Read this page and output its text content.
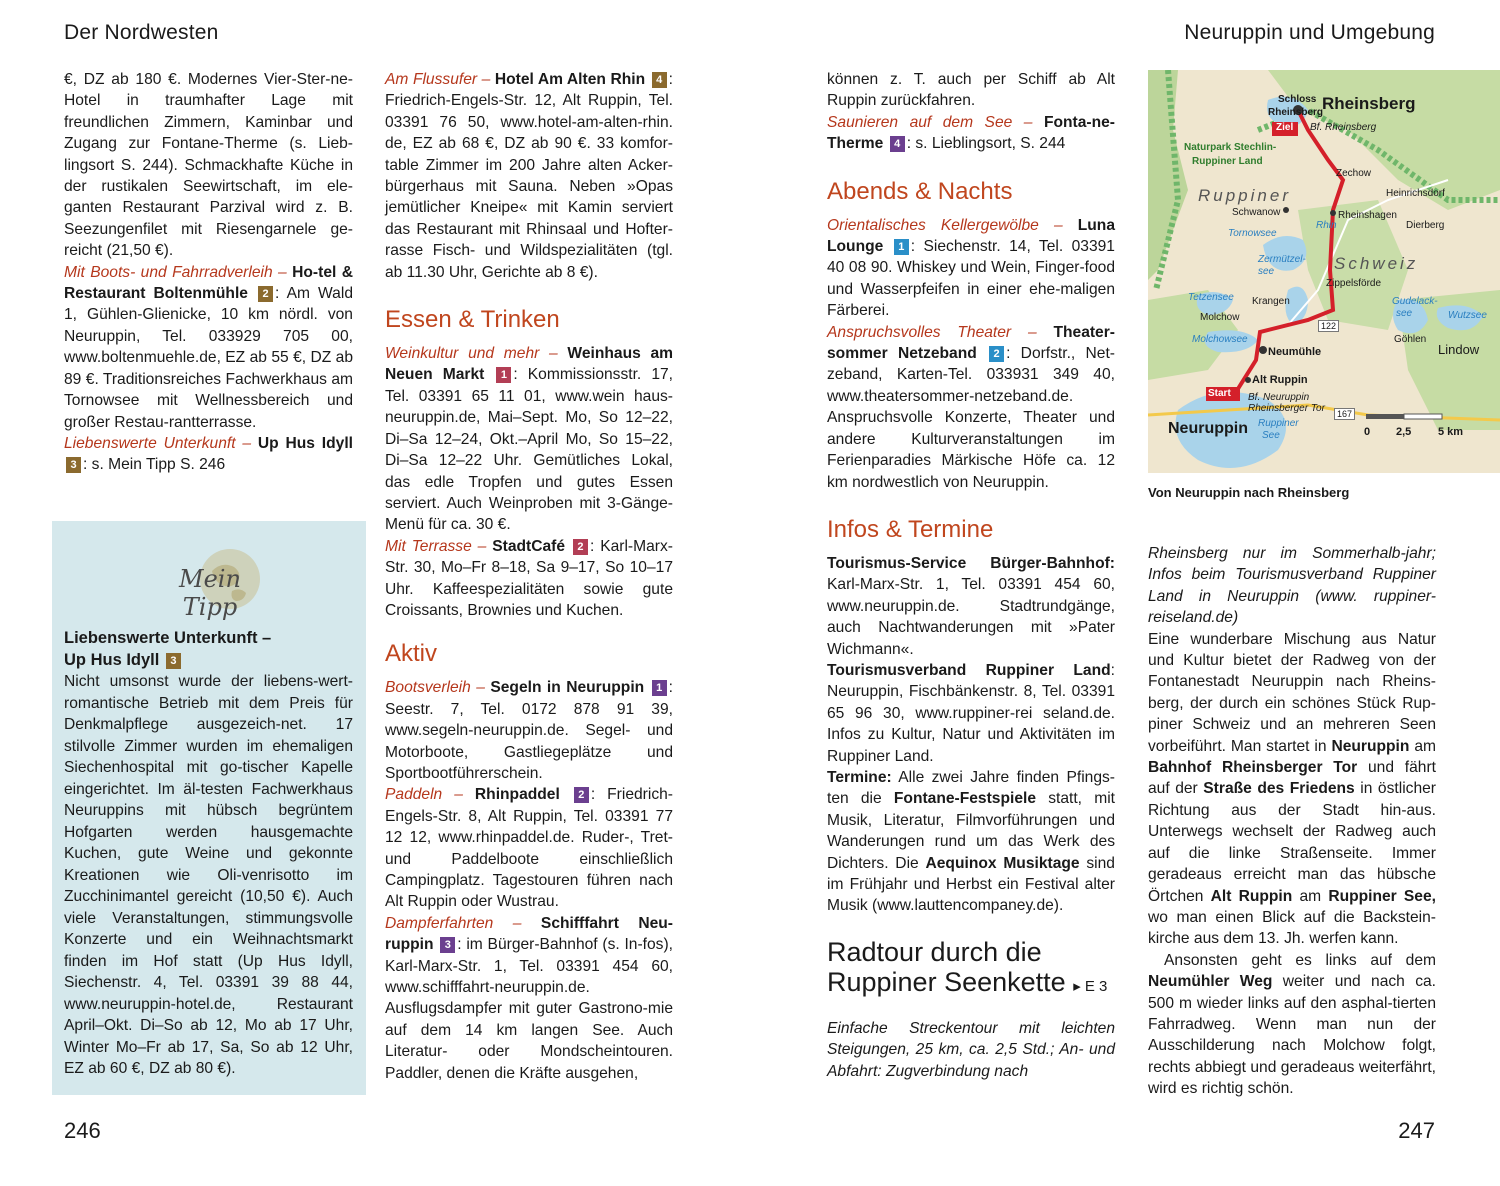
Der Nordwesten	Neuruppin und Umgebung
246	247

€, DZ ab 180 €. Modernes Vier-Ster-ne-Hotel in traumhafter Lage mit freundlichen Zimmern, Kaminbar und Zugang zur Fontane-Therme (s. Lieb-lingsort S. 244). Schmackhafte Küche in der rustikalen Seewirtschaft, im ele-ganten Restaurant Parzival wird z. B. Seezungenfilet mit Riesengarnele ge-reicht (21,50 €).

Mit Boots- und Fahrradverleih – Ho-tel & Restaurant Boltenmühle 2 : Am Wald 1, Gühlen-Glienicke, 10 km nördl. von Neuruppin, Tel. 033929 705 00, www.boltenmuehle.de, EZ ab 55 €, DZ ab 89 €. Traditionsreiches Fachwerkhaus am Tornowsee mit Wellnessbereich und großer Restau-rantterrasse.

Liebenswerte Unterkunft – Up Hus Idyll 3 : s. Mein Tipp S. 246

Mein Tipp
Liebenswerte Unterkunft –
Up Hus Idyll 3

Nicht umsonst wurde der liebens-wert-romantische Betrieb mit dem Preis für Denkmalpflege ausgezeich-net. 17 stilvolle Zimmer wurden im ehemaligen Siechenhospital mit go-tischer Kapelle eingerichtet. Im äl-testen Fachwerkhaus Neuruppins mit hübsch begrüntem Hofgarten werden hausgemachte Kuchen, gute Weine und gekonnte Kreationen wie Oli-venrisotto im Zucchinimantel gereicht (10,50 €). Auch viele Veranstaltungen, stimmungsvolle Konzerte und ein Weihnachtsmarkt finden im Hof statt (Up Hus Idyll, Siechenstr. 4, Tel. 03391 39 88 44, www.neuruppin-hotel.de, Restaurant April–Okt. Di–So ab 12, Mo ab 17 Uhr, Winter Mo–Fr ab 17, Sa, So ab 12 Uhr, EZ ab 60 €, DZ ab 80 €).

Am Flussufer – Hotel Am Alten Rhin 4 : Friedrich-Engels-Str. 12, Alt Ruppin, Tel. 03391 76 50, www.hotel-am-alten-rhin. de, EZ ab 68 €, DZ ab 90 €. 33 komfor-table Zimmer im 200 Jahre alten Acker-bürgerhaus mit Sauna. Neben »Opas jemütlicher Kneipe« mit Kamin serviert das Restaurant mit Rhinsaal und Hofter-rasse Fisch- und Wildspezialitäten (tgl. ab 11.30 Uhr, Gerichte ab 8 €).

Essen & Trinken

Weinkultur und mehr – Weinhaus am Neuen Markt 1 : Kommissionsstr. 17, Tel. 03391 65 11 01, www.wein haus-neuruppin.de, Mai–Sept. Mo, So 12–22, Di–Sa 12–24, Okt.–April Mo, So 15–22, Di–Sa 12–22 Uhr. Gemütliches Lokal, das edle Tropfen und gutes Essen serviert. Auch Weinproben mit 3-Gänge-Menü für ca. 30 €.

Mit Terrasse – StadtCafé 2 : Karl-Marx-Str. 30, Mo–Fr 8–18, Sa 9–17, So 10–17 Uhr. Kaffeespezialitäten sowie gute Croissants, Brownies und Kuchen.

Aktiv

Bootsverleih – Segeln in Neuruppin 1 : Seestr. 7, Tel. 0172 878 91 39, www.segeln-neuruppin.de. Segel- und Motorboote, Gastliegeplätze und Sportbootführerschein.

Paddeln – Rhinpaddel 2 : Friedrich-Engels-Str. 8, Alt Ruppin, Tel. 03391 77 12 12, www.rhinpaddel.de. Ruder-, Tret- und Paddelboote einschließlich Campingplatz. Tagestouren führen nach Alt Ruppin oder Wustrau.

Dampferfahrten – Schifffahrt Neu-ruppin 3 : im Bürger-Bahnhof (s. In-fos), Karl-Marx-Str. 1, Tel. 03391 454 60, www.schifffahrt-neuruppin.de. Ausflugsdampfer mit guter Gastrono-mie auf dem 14 km langen See. Auch Literatur- oder Mondscheintouren. Paddler, denen die Kräfte ausgehen,

können z. T. auch per Schiff ab Alt Ruppin zurückfahren.

Saunieren auf dem See – Fonta-ne-Therme 4 : s. Lieblingsort, S. 244

Abends & Nachts

Orientalisches Kellergewölbe – Luna Lounge 1 : Siechenstr. 14, Tel. 03391 40 08 90. Whiskey und Wein, Finger-food und Wasserpfeifen in einer ehe-maligen Färberei.

Anspruchsvolles Theater – Theater-sommer Netzeband 2 : Dorfstr., Net-zeband, Karten-Tel. 033931 349 40, www.theatersommer-netzeband.de. Anspruchsvolle Konzerte, Theater und andere Kulturveranstaltungen im Ferienparadies Märkische Höfe ca. 12 km nordwestlich von Neuruppin.

Infos & Termine

Tourismus-Service Bürger-Bahnhof: Karl-Marx-Str. 1, Tel. 03391 454 60, www.neuruppin.de. Stadtrundgänge, auch Nachtwanderungen mit »Pater Wichmann«.

Tourismusverband Ruppiner Land: Neuruppin, Fischbänkenstr. 8, Tel. 03391 65 96 30, www.ruppiner-rei seland.de. Infos zu Kultur, Natur und Aktivitäten im Ruppiner Land.

Termine: Alle zwei Jahre finden Pfings-ten die Fontane-Festspiele statt, mit Musik, Literatur, Filmvorführungen und Wanderungen rund um das Werk des Dichters. Die Aequinox Musiktage sind im Frühjahr und Herbst ein Festival alter Musik (www.lauttencompaney.de).

Radtour durch die
Ruppiner Seenkette ▸ E 3

Einfache Streckentour mit leichten Steigungen, 25 km, ca. 2,5 Std.; An- und Abfahrt: Zugverbindung nach

Rheinsberg
Schloss
Rheinsberg
Ziel Bf. Rheinsberg
Naturpark Stechlin-
Ruppiner Land
Zechow
Heinrichsdorf
Ruppiner
Schwanow	Rheinshagen
Dierberg
Tornowsee
Rhin
Zermützel-
see	Schweiz
Zippelsförde
Tetzensee Krangen	Gudelack-
see	Wutzsee
Molchow
122
Molchowsee	Göhlen
Lindow
Neumühle
Start
Alt Ruppin
Bf. Neuruppin
Rheinsberger Tor	167
Neuruppin Ruppiner
See	0 2,5 5 km
Von Neuruppin nach Rheinsberg

Rheinsberg nur im Sommerhalb-jahr; Infos beim Tourismusverband Ruppiner Land in Neuruppin (www. ruppiner-reiseland.de)

Eine wunderbare Mischung aus Natur und Kultur bietet der Radweg von der Fontanestadt Neuruppin nach Rheins-berg, der durch ein schönes Stück Rup-piner Schweiz und an mehreren Seen vorbeiführt. Man startet in Neuruppin am Bahnhof Rheinsberger Tor und fährt auf der Straße des Friedens in östlicher Richtung aus der Stadt hin-aus. Unterwegs wechselt der Radweg auch auf die linke Straßenseite. Immer geradeaus erreicht man das hübsche Örtchen Alt Ruppin am Ruppiner See, wo man einen Blick auf die Backstein-kirche aus dem 13. Jh. werfen kann.

Ansonsten geht es links auf dem Neumühler Weg weiter und nach ca. 500 m wieder links auf den asphal-tierten Fahrradweg. Wenn man nun der Ausschilderung nach Molchow folgt, rechts abbiegt und geradeaus weiterfährt, wird es richtig schön.
